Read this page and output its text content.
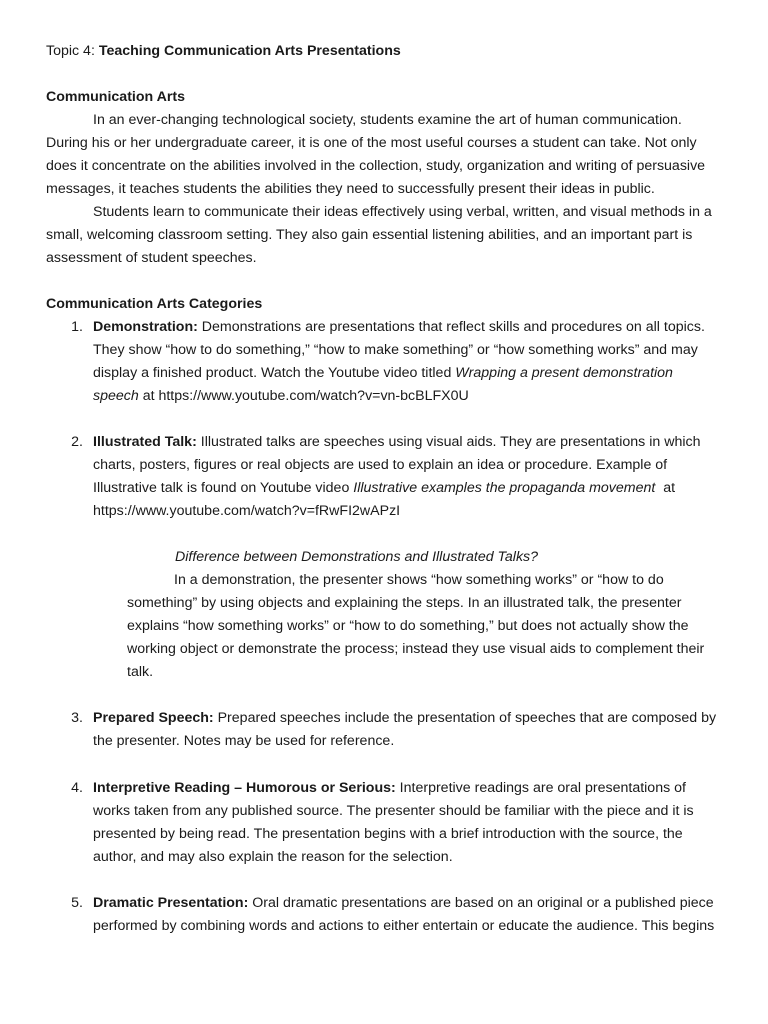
Topic 4: Teaching Communication Arts Presentations
Communication Arts
In an ever-changing technological society, students examine the art of human communication.
During his or her undergraduate career, it is one of the most useful courses a student can take. Not only
does it concentrate on the abilities involved in the collection, study, organization and writing of persuasive
messages, it teaches students the abilities they need to successfully present their ideas in public.
Students learn to communicate their ideas effectively using verbal, written, and visual methods in a
small, welcoming classroom setting. They also gain essential listening abilities, and an important part is
assessment of student speeches.
Communication Arts Categories
1. Demonstration: Demonstrations are presentations that reflect skills and procedures on all topics.
They show “how to do something,” “how to make something” or “how something works” and may
display a finished product. Watch the Youtube video titled Wrapping a present demonstration
speech at https://www.youtube.com/watch?v=vn-bcBLFX0U
2. Illustrated Talk: Illustrated talks are speeches using visual aids. They are presentations in which
charts, posters, figures or real objects are used to explain an idea or procedure. Example of
Illustrative talk is found on Youtube video Illustrative examples the propaganda movement  at
https://www.youtube.com/watch?v=fRwFI2wAPzI
Difference between Demonstrations and Illustrated Talks?
In a demonstration, the presenter shows “how something works” or “how to do
something” by using objects and explaining the steps. In an illustrated talk, the presenter
explains “how something works” or “how to do something,” but does not actually show the
working object or demonstrate the process; instead they use visual aids to complement their
talk.
3. Prepared Speech: Prepared speeches include the presentation of speeches that are composed by
the presenter. Notes may be used for reference.
4. Interpretive Reading – Humorous or Serious: Interpretive readings are oral presentations of
works taken from any published source. The presenter should be familiar with the piece and it is
presented by being read. The presentation begins with a brief introduction with the source, the
author, and may also explain the reason for the selection.
5. Dramatic Presentation: Oral dramatic presentations are based on an original or a published piece
performed by combining words and actions to either entertain or educate the audience. This begins
